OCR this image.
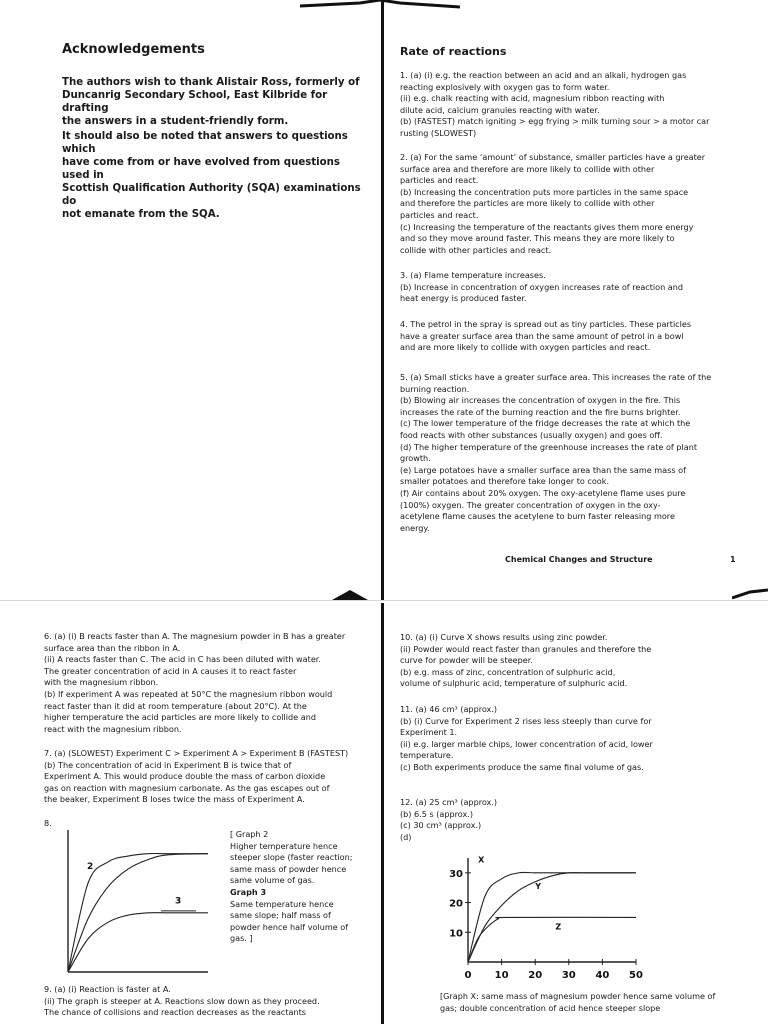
Acknowledgements
The authors wish to thank Alistair Ross, formerly of
Duncanrig Secondary School, East Kilbride for drafting
the answers in a student-friendly form.
It should also be noted that answers to questions which
have come from or have evolved from questions used in
Scottish Qualification Authority (SQA) examinations do
not emanate from the SQA.
Rate of reactions
1. (a) (i) e.g. the reaction between an acid and an alkali, hydrogen gas
reacting explosively with oxygen gas to form water.
(ii) e.g. chalk reacting with acid, magnesium ribbon reacting with
dilute acid, calcium granules reacting with water.
(b) (FASTEST) match igniting > egg frying > milk turning sour > a motor car
rusting (SLOWEST)
2. (a) For the same ‘amount’ of substance, smaller particles have a greater
surface area and therefore are more likely to collide with other
particles and react.
(b) Increasing the concentration puts more particles in the same space
and therefore the particles are more likely to collide with other
particles and react.
(c) Increasing the temperature of the reactants gives them more energy
and so they move around faster. This means they are more likely to
collide with other particles and react.
3. (a) Flame temperature increases.
(b) Increase in concentration of oxygen increases rate of reaction and
heat energy is produced faster.
4. The petrol in the spray is spread out as tiny particles. These particles
have a greater surface area than the same amount of petrol in a bowl
and are more likely to collide with oxygen particles and react.
5. (a) Small sticks have a greater surface area. This increases the rate of the
burning reaction.
(b) Blowing air increases the concentration of oxygen in the fire. This
increases the rate of the burning reaction and the fire burns brighter.
(c) The lower temperature of the fridge decreases the rate at which the
food reacts with other substances (usually oxygen) and goes off.
(d) The higher temperature of the greenhouse increases the rate of plant
growth.
(e) Large potatoes have a smaller surface area than the same mass of
smaller potatoes and therefore take longer to cook.
(f) Air contains about 20% oxygen. The oxy-acetylene flame uses pure
(100%) oxygen. The greater concentration of oxygen in the oxy-
acetylene flame causes the acetylene to burn faster releasing more
energy.
Chemical Changes and Structure	1
6. (a) (i) B reacts faster than A. The magnesium powder in B has a greater
surface area than the ribbon in A.
(ii) A reacts faster than C. The acid in C has been diluted with water.
The greater concentration of acid in A causes it to react faster
with the magnesium ribbon.
(b) If experiment A was repeated at 50°C the magnesium ribbon would
react faster than it did at room temperature (about 20°C). At the
higher temperature the acid particles are more likely to collide and
react with the magnesium ribbon.
7. (a) (SLOWEST) Experiment C > Experiment A > Experiment B (FASTEST)
(b) The concentration of acid in Experiment B is twice that of
Experiment A. This would produce double the mass of carbon dioxide
gas on reaction with magnesium carbonate. As the gas escapes out of
the beaker, Experiment B loses twice the mass of Experiment A.
8.
2
3
[ Graph 2
Higher temperature hence
steeper slope (faster reaction;
same mass of powder hence
same volume of gas.
Graph 3
Same temperature hence
same slope; half mass of
powder hence half volume of
gas. ]
9. (a) (i) Reaction is faster at A.
(ii) The graph is steeper at A. Reactions slow down as they proceed.
The chance of collisions and reaction decreases as the reactants
10. (a) (i) Curve X shows results using zinc powder.
(ii) Powder would react faster than granules and therefore the
curve for powder will be steeper.
(b) e.g. mass of zinc, concentration of sulphuric acid,
volume of sulphuric acid, temperature of sulphuric acid.
11. (a) 46 cm³ (approx.)
(b) (i) Curve for Experiment 2 rises less steeply than curve for
Experiment 1.
(ii) e.g. larger marble chips, lower concentration of acid, lower
temperature.
(c) Both experiments produce the same final volume of gas.
12. (a) 25 cm³ (approx.)
(b) 6.5 s (approx.)
(c) 30 cm³ (approx.)
(d)
0 10 20 30 40 50
10
20
30
X
Y
Z
[Graph X: same mass of magnesium powder hence same volume of
gas; double concentration of acid hence steeper slope
